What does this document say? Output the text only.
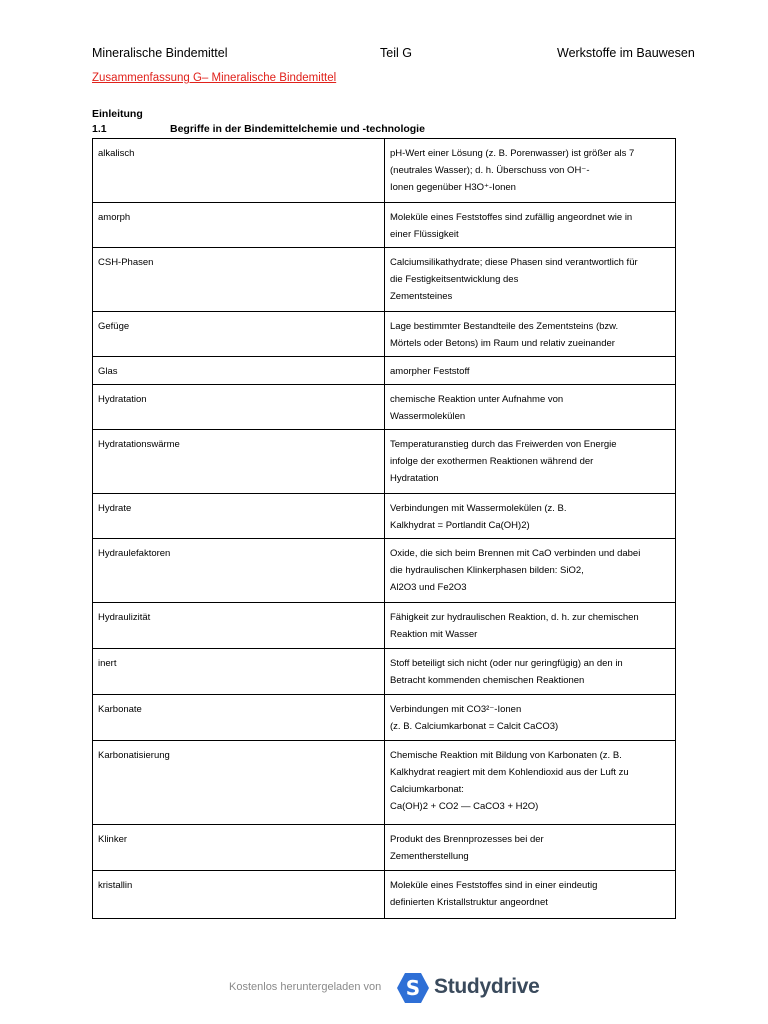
Mineralische Bindemittel	Teil G	Werkstoffe im Bauwesen
Zusammenfassung G– Mineralische Bindemittel
Einleitung
1.1	Begriffe in der Bindemittelchemie und -technologie
alkalisch	pH-Wert einer Lösung (z. B. Porenwasser) ist größer als 7
(neutrales Wasser); d. h. Überschuss von OH⁻-
Ionen gegenüber H3O⁺-Ionen

amorph	Moleküle eines Feststoffes sind zufällig angeordnet wie in
einer Flüssigkeit

CSH-Phasen	Calciumsilikathydrate; diese Phasen sind verantwortlich für
die Festigkeitsentwicklung des
Zementsteines

Gefüge	Lage bestimmter Bestandteile des Zementsteins (bzw.
Mörtels oder Betons) im Raum und relativ zueinander

Glas	amorpher Feststoff

Hydratation	chemische Reaktion unter Aufnahme von
Wassermolekülen

Hydratationswärme	Temperaturanstieg durch das Freiwerden von Energie
infolge der exothermen Reaktionen während der
Hydratation

Hydrate	Verbindungen mit Wassermolekülen (z. B.
Kalkhydrat = Portlandit Ca(OH)2)

Hydraulefaktoren	Oxide, die sich beim Brennen mit CaO verbinden und dabei
die hydraulischen Klinkerphasen bilden: SiO2,
Al2O3 und Fe2O3

Hydraulizität	Fähigkeit zur hydraulischen Reaktion, d. h. zur chemischen
Reaktion mit Wasser

inert	Stoff beteiligt sich nicht (oder nur geringfügig) an den in
Betracht kommenden chemischen Reaktionen

Karbonate	Verbindungen mit CO3²⁻-Ionen
(z. B. Calciumkarbonat = Calcit CaCO3)

Karbonatisierung	Chemische Reaktion mit Bildung von Karbonaten (z. B.
Kalkhydrat reagiert mit dem Kohlendioxid aus der Luft zu
Calciumkarbonat:
Ca(OH)2 + CO2 — CaCO3 + H2O)

Klinker	Produkt des Brennprozesses bei der
Zementherstellung

kristallin	Moleküle eines Feststoffes sind in einer eindeutig
definierten Kristallstruktur angeordnet
Kostenlos heruntergeladen von S Studydrive
